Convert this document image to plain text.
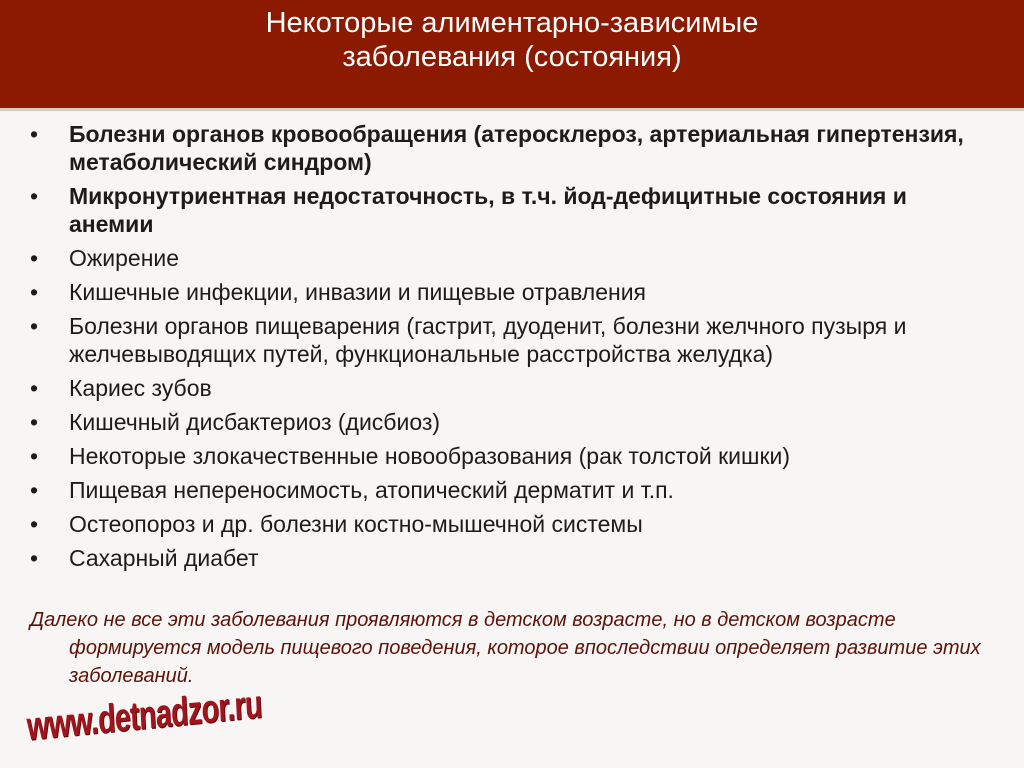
Некоторые алиментарно-зависимые
заболевания (состояния)
• Болезни органов кровообращения (атеросклероз, артериальная гипертензия, метаболический синдром)
• Микронутриентная недостаточность, в т.ч. йод-дефицитные состояния и анемии
• Ожирение
• Кишечные инфекции, инвазии и пищевые отравления
• Болезни органов пищеварения (гастрит, дуоденит, болезни желчного пузыря и желчевыводящих путей, функциональные расстройства желудка)
• Кариес зубов
• Кишечный дисбактериоз (дисбиоз)
• Некоторые злокачественные новообразования (рак толстой кишки)
• Пищевая непереносимость, атопический дерматит и т.п.
• Остеопороз и др. болезни костно-мышечной системы
• Сахарный диабет

Далеко не все эти заболевания проявляются в детском возрасте, но в детском возрасте формируется модель пищевого поведения, которое впоследствии определяет развитие этих заболеваний.

www.detnadzor.ru
